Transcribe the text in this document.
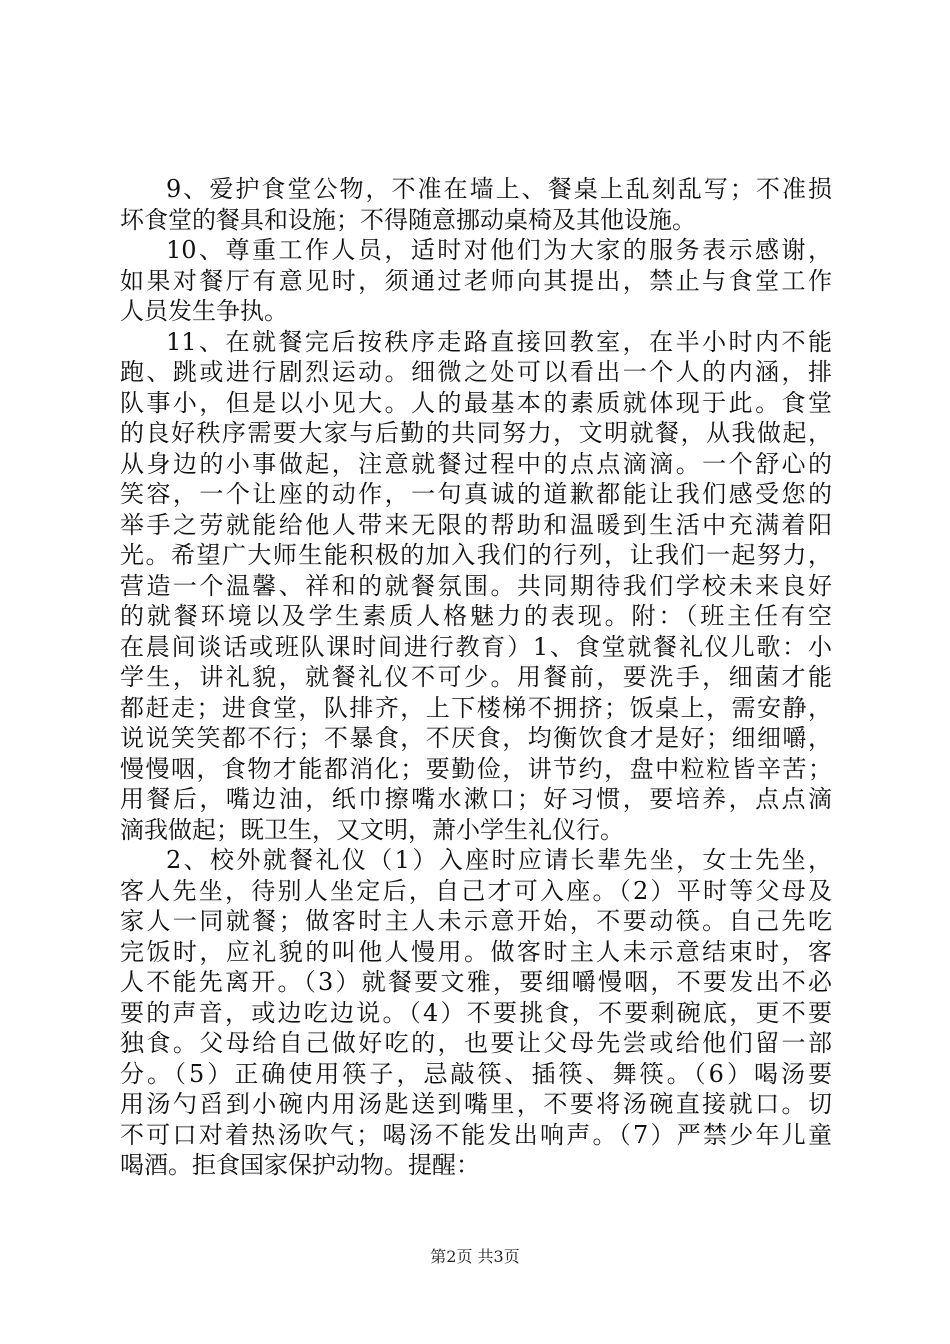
9、爱护食堂公物，不准在墙上、餐桌上乱刻乱写；不准损
坏食堂的餐具和设施；不得随意挪动桌椅及其他设施。
10、尊重工作人员，适时对他们为大家的服务表示感谢，
如果对餐厅有意见时，须通过老师向其提出，禁止与食堂工作
人员发生争执。
11、在就餐完后按秩序走路直接回教室，在半小时内不能
跑、跳或进行剧烈运动。细微之处可以看出一个人的内涵，排
队事小，但是以小见大。人的最基本的素质就体现于此。食堂
的良好秩序需要大家与后勤的共同努力，文明就餐，从我做起，
从身边的小事做起，注意就餐过程中的点点滴滴。一个舒心的
笑容，一个让座的动作，一句真诚的道歉都能让我们感受您的
举手之劳就能给他人带来无限的帮助和温暖到生活中充满着阳
光。希望广大师生能积极的加入我们的行列，让我们一起努力，
营造一个温馨、祥和的就餐氛围。共同期待我们学校未来良好
的就餐环境以及学生素质人格魅力的表现。附：（班主任有空
在晨间谈话或班队课时间进行教育）1、食堂就餐礼仪儿歌：小
学生，讲礼貌，就餐礼仪不可少。用餐前，要洗手，细菌才能
都赶走；进食堂，队排齐，上下楼梯不拥挤；饭桌上，需安静，
说说笑笑都不行；不暴食，不厌食，均衡饮食才是好；细细嚼，
慢慢咽，食物才能都消化；要勤俭，讲节约，盘中粒粒皆辛苦；
用餐后，嘴边油，纸巾擦嘴水漱口；好习惯，要培养，点点滴
滴我做起；既卫生，又文明，萧小学生礼仪行。
2、校外就餐礼仪（1）入座时应请长辈先坐，女士先坐，
客人先坐，待别人坐定后，自己才可入座。（2）平时等父母及
家人一同就餐；做客时主人未示意开始，不要动筷。自己先吃
完饭时，应礼貌的叫他人慢用。做客时主人未示意结束时，客
人不能先离开。（3）就餐要文雅，要细嚼慢咽，不要发出不必
要的声音，或边吃边说。（4）不要挑食，不要剩碗底，更不要
独食。父母给自己做好吃的，也要让父母先尝或给他们留一部
分。（5）正确使用筷子，忌敲筷、插筷、舞筷。（6）喝汤要
用汤勺舀到小碗内用汤匙送到嘴里，不要将汤碗直接就口。切
不可口对着热汤吹气；喝汤不能发出响声。（7）严禁少年儿童
喝酒。拒食国家保护动物。提醒：
第2页 共3页
